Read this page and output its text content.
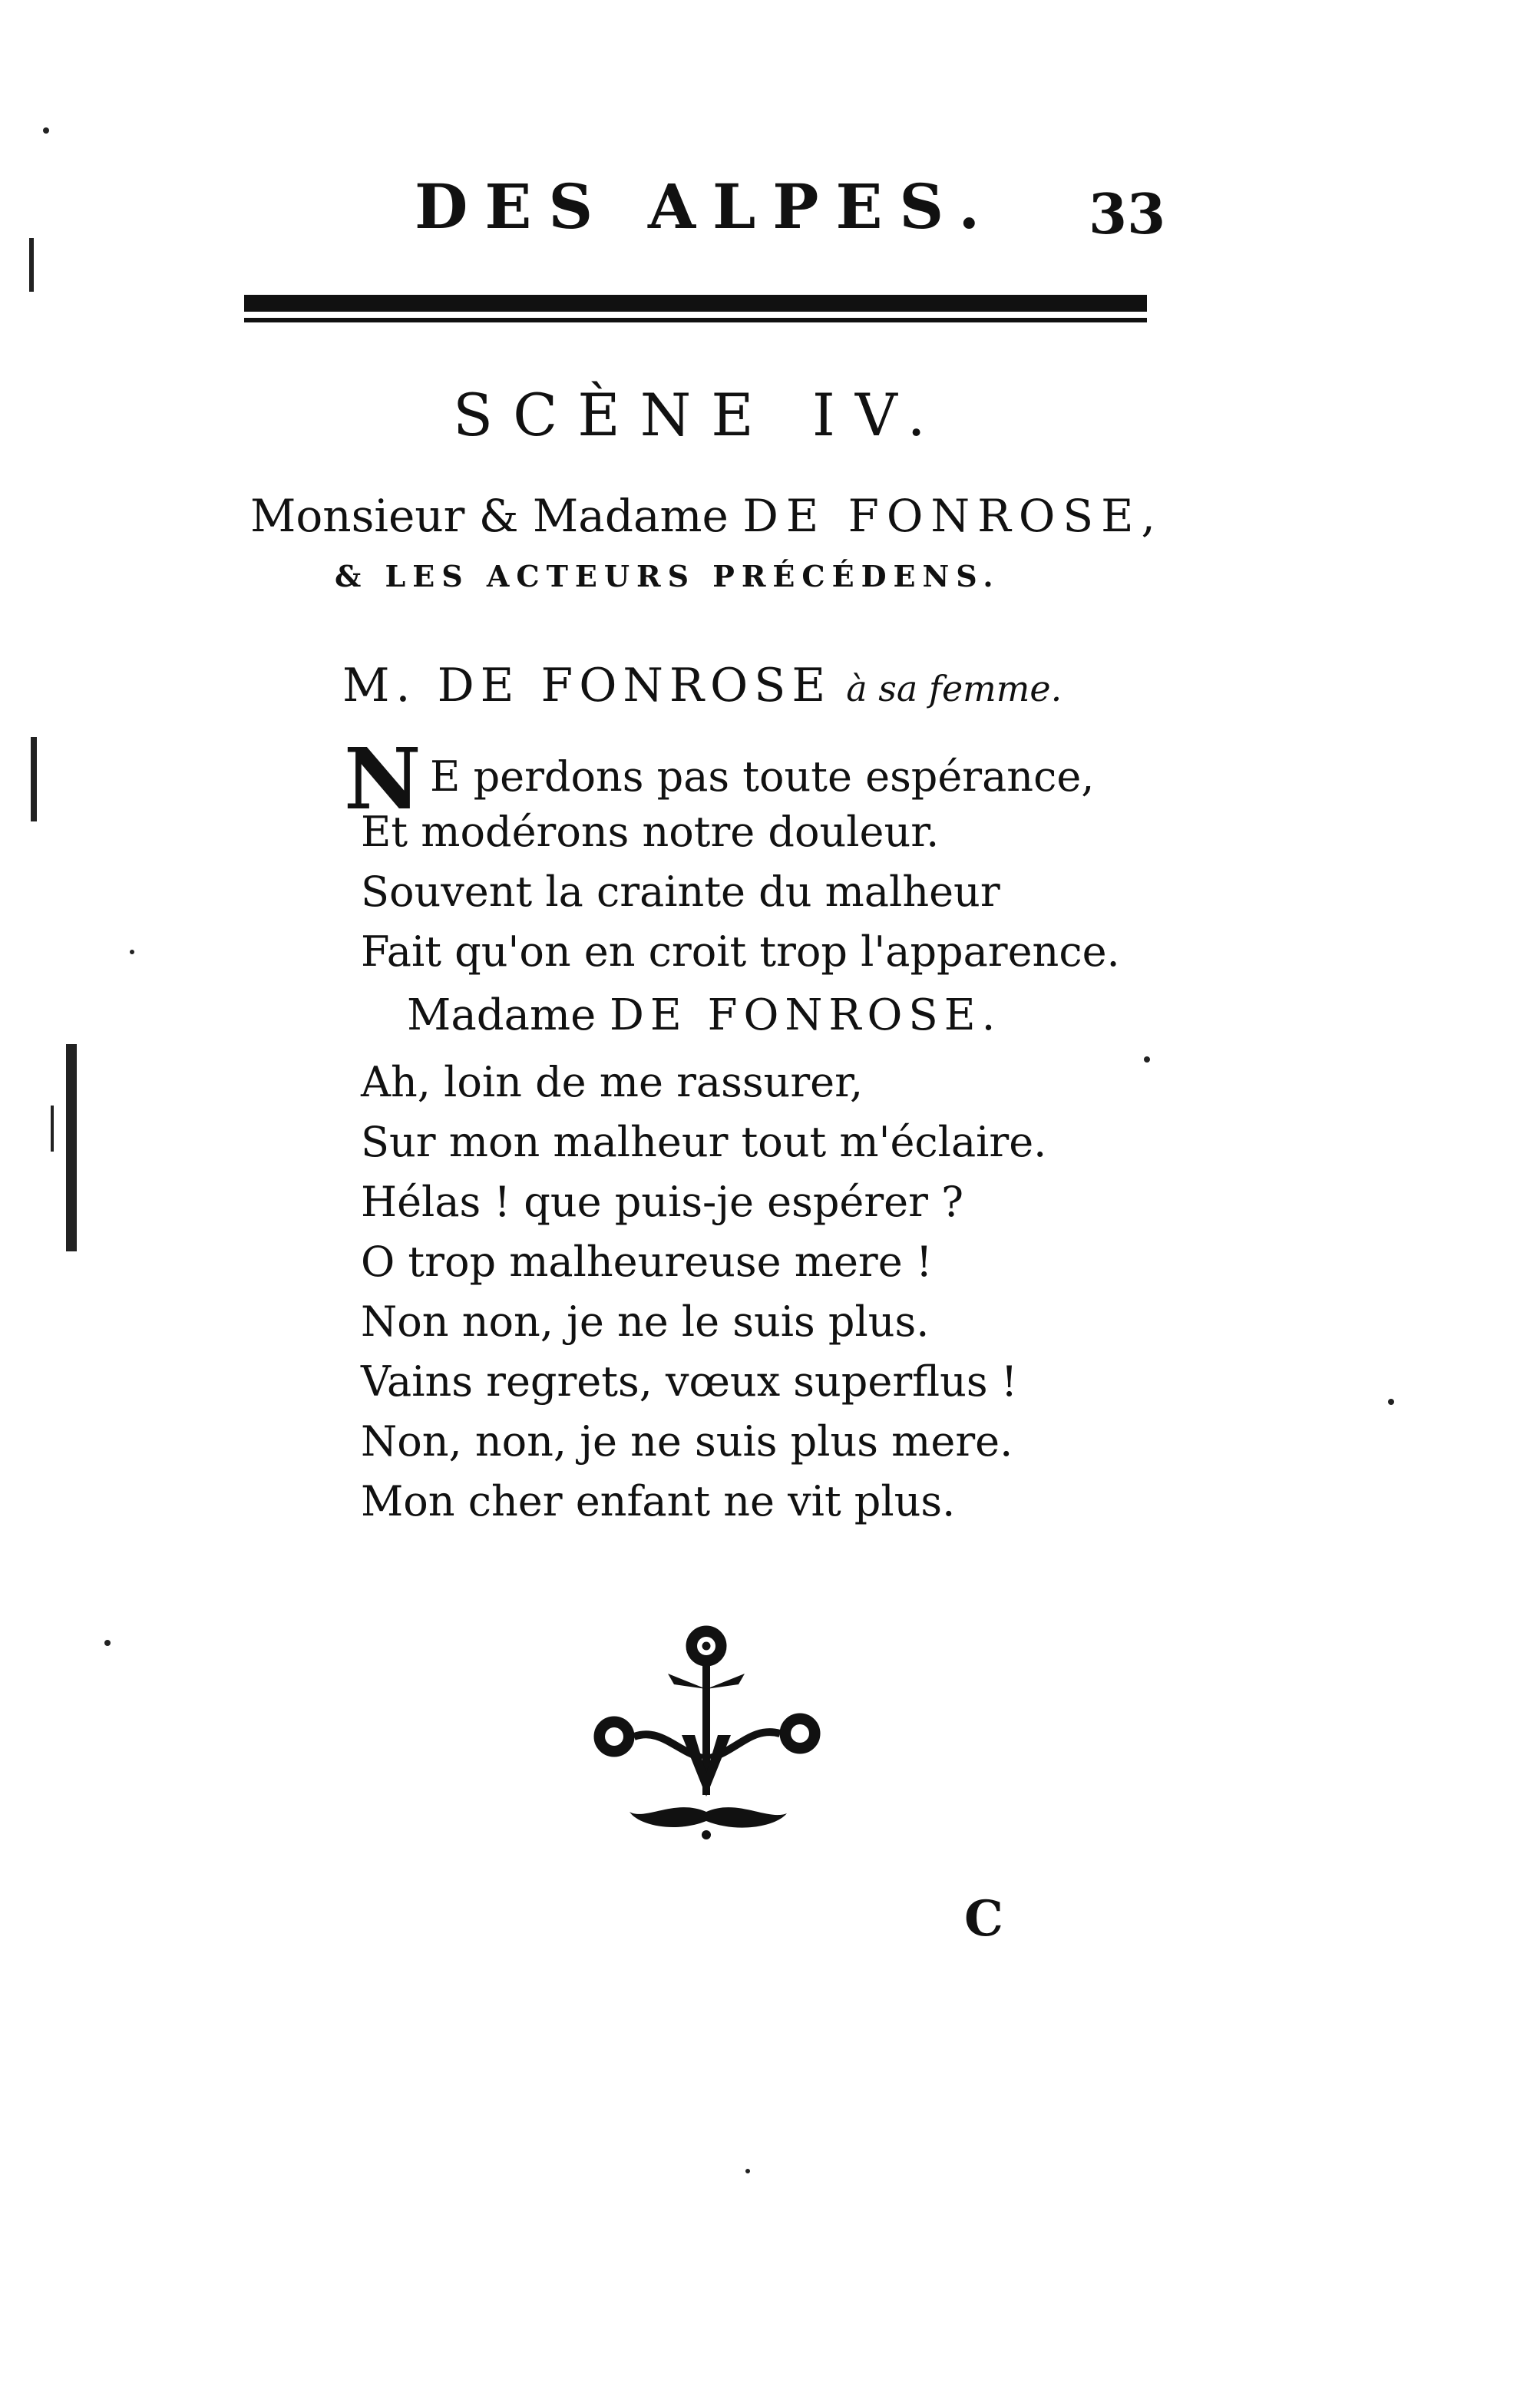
DES ALPES. 33
SCÈNE IV.
Monsieur & Madame DE FONROSE,
& LES ACTEURS PRÉCÉDENS.
M. DE FONROSE à sa femme.
N E perdons pas toute espérance,
Et modérons notre douleur.
Souvent la crainte du malheur
Fait qu'on en croit trop l'apparence.
Madame DE FONROSE.
Ah, loin de me rassurer,
Sur mon malheur tout m'éclaire.
Hélas ! que puis-je espérer ?
O trop malheureuse mere !
Non non, je ne le suis plus.
Vains regrets, vœux superflus !
Non, non, je ne suis plus mere.
Mon cher enfant ne vit plus.
C
